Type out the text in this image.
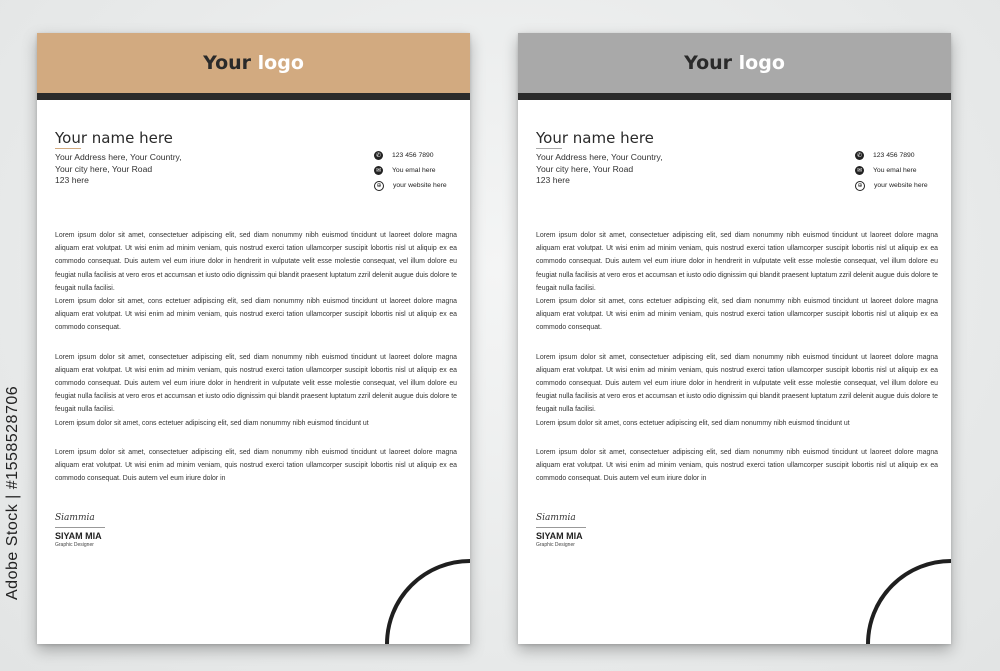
Adobe Stock | #1558528706
Your logo
Your name here
Your Address here, Your Country,
Your city here, Your Road
123 here
✆ 123 456 7890
✉ You emal here
⊕	your website here

Lorem ipsum dolor sit amet, consectetuer adipiscing elit, sed diam nonummy nibh euismod tincidunt ut laoreet dolore magna aliquam erat volutpat. Ut wisi enim ad minim veniam, quis nostrud exerci tation ullamcorper suscipit lobortis nisl ut aliquip ex ea commodo consequat. Duis autem vel eum iriure dolor in hendrerit in vulputate velit esse molestie consequat, vel illum dolore eu feugiat nulla facilisis at vero eros et accumsan et iusto odio dignissim qui blandit praesent luptatum zzril delenit augue duis dolore te feugait nulla facilisi.

Lorem ipsum dolor sit amet, cons ectetuer adipiscing elit, sed diam nonummy nibh euismod tincidunt ut laoreet dolore magna aliquam erat volutpat. Ut wisi enim ad minim veniam, quis nostrud exerci tation ullamcorper suscipit lobortis nisl ut aliquip ex ea commodo consequat.

Lorem ipsum dolor sit amet, consectetuer adipiscing elit, sed diam nonummy nibh euismod tincidunt ut laoreet dolore magna aliquam erat volutpat. Ut wisi enim ad minim veniam, quis nostrud exerci tation ullamcorper suscipit lobortis nisl ut aliquip ex ea commodo consequat. Duis autem vel eum iriure dolor in hendrerit in vulputate velit esse molestie consequat, vel illum dolore eu feugiat nulla facilisis at vero eros et accumsan et iusto odio dignissim qui blandit praesent luptatum zzril delenit augue duis dolore te feugait nulla facilisi.

Lorem ipsum dolor sit amet, cons ectetuer adipiscing elit, sed diam nonummy nibh euismod tincidunt ut

Lorem ipsum dolor sit amet, consectetuer adipiscing elit, sed diam nonummy nibh euismod tincidunt ut laoreet dolore magna aliquam erat volutpat. Ut wisi enim ad minim veniam, quis nostrud exerci tation ullamcorper suscipit lobortis nisl ut aliquip ex ea commodo consequat. Duis autem vel eum iriure dolor in

Siammia
SIYAM MIA
Graphic Designer
Your logo
Your name here
Your Address here, Your Country,
Your city here, Your Road
123 here
✆ 123 456 7890
✉ You emal here
⊕	your website here

Lorem ipsum dolor sit amet, consectetuer adipiscing elit, sed diam nonummy nibh euismod tincidunt ut laoreet dolore magna aliquam erat volutpat. Ut wisi enim ad minim veniam, quis nostrud exerci tation ullamcorper suscipit lobortis nisl ut aliquip ex ea commodo consequat. Duis autem vel eum iriure dolor in hendrerit in vulputate velit esse molestie consequat, vel illum dolore eu feugiat nulla facilisis at vero eros et accumsan et iusto odio dignissim qui blandit praesent luptatum zzril delenit augue duis dolore te feugait nulla facilisi.

Lorem ipsum dolor sit amet, cons ectetuer adipiscing elit, sed diam nonummy nibh euismod tincidunt ut laoreet dolore magna aliquam erat volutpat. Ut wisi enim ad minim veniam, quis nostrud exerci tation ullamcorper suscipit lobortis nisl ut aliquip ex ea commodo consequat.

Lorem ipsum dolor sit amet, consectetuer adipiscing elit, sed diam nonummy nibh euismod tincidunt ut laoreet dolore magna aliquam erat volutpat. Ut wisi enim ad minim veniam, quis nostrud exerci tation ullamcorper suscipit lobortis nisl ut aliquip ex ea commodo consequat. Duis autem vel eum iriure dolor in hendrerit in vulputate velit esse molestie consequat, vel illum dolore eu feugiat nulla facilisis at vero eros et accumsan et iusto odio dignissim qui blandit praesent luptatum zzril delenit augue duis dolore te feugait nulla facilisi.

Lorem ipsum dolor sit amet, cons ectetuer adipiscing elit, sed diam nonummy nibh euismod tincidunt ut

Lorem ipsum dolor sit amet, consectetuer adipiscing elit, sed diam nonummy nibh euismod tincidunt ut laoreet dolore magna aliquam erat volutpat. Ut wisi enim ad minim veniam, quis nostrud exerci tation ullamcorper suscipit lobortis nisl ut aliquip ex ea commodo consequat. Duis autem vel eum iriure dolor in

Siammia
SIYAM MIA
Graphic Designer
